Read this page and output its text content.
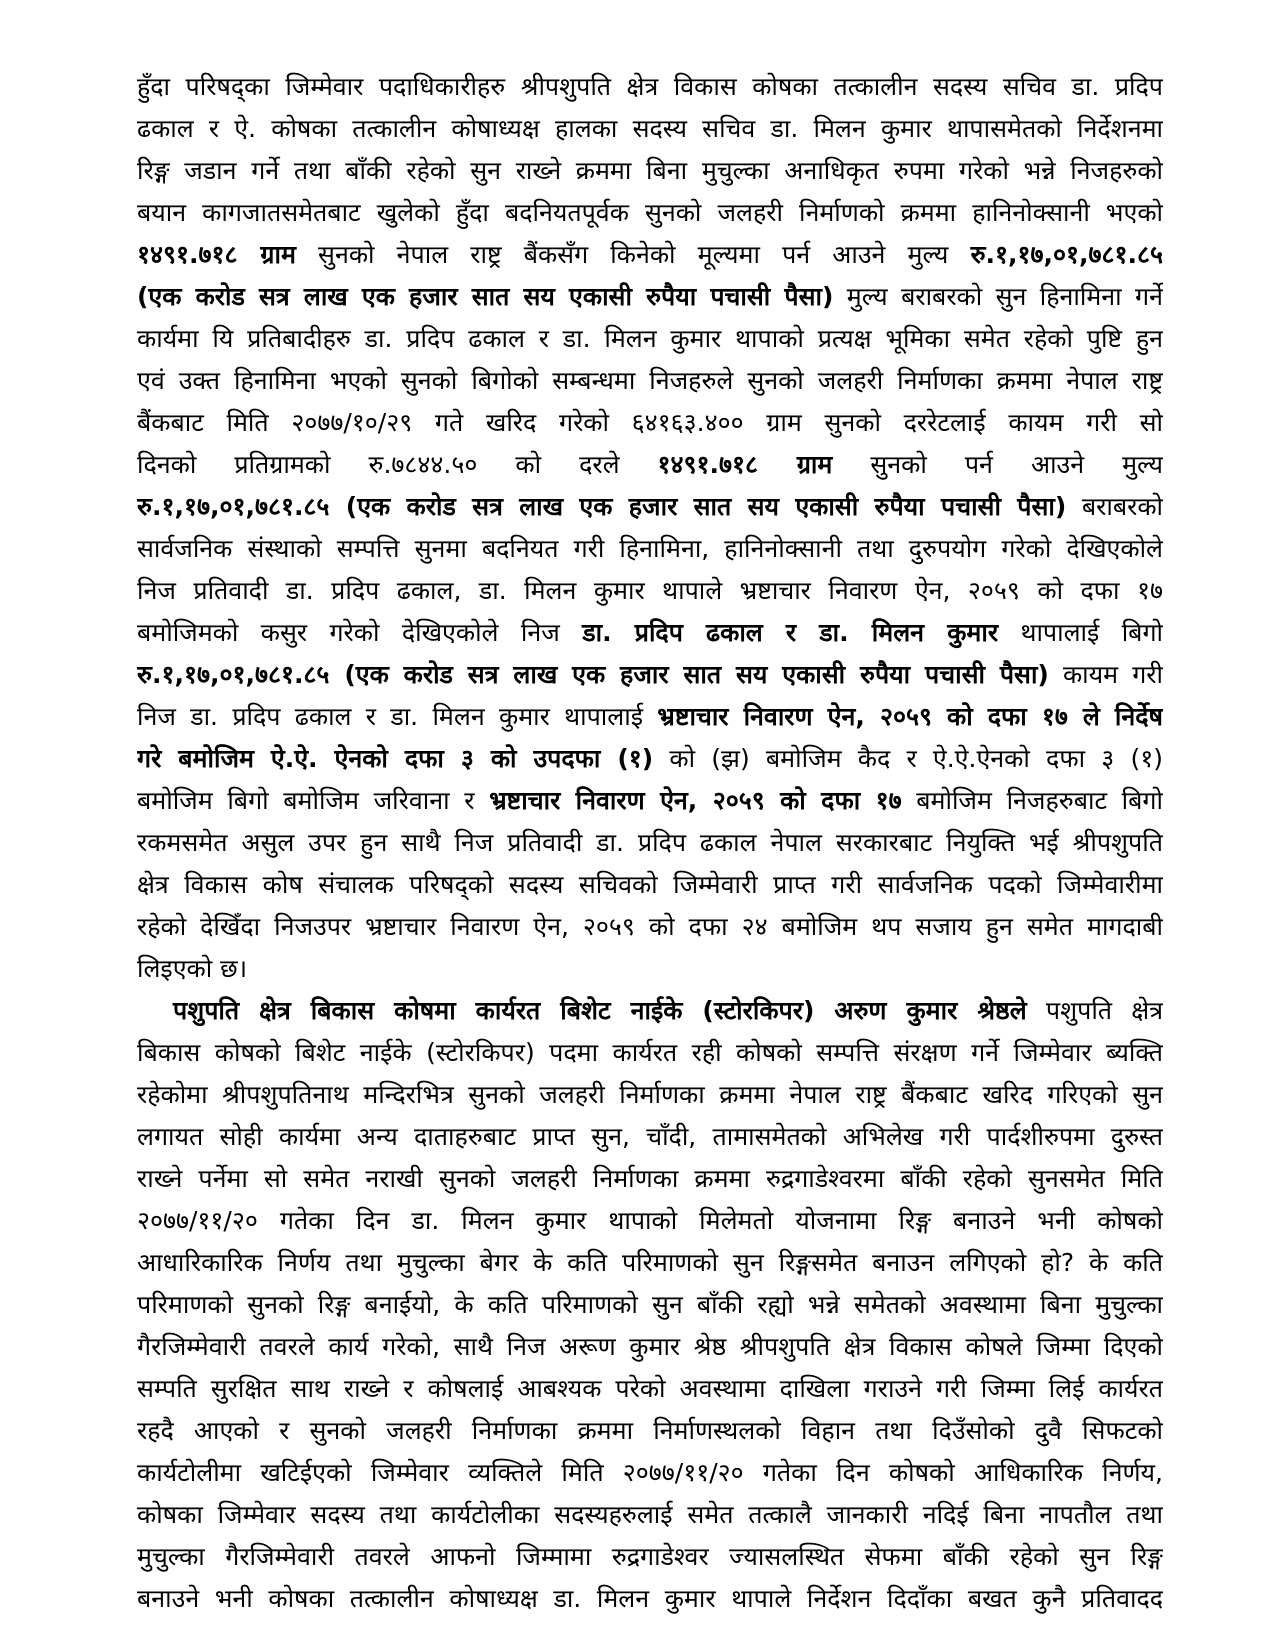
हुँदा परिषद्का जिम्मेवार पदाधिकारीहरु श्रीपशुपति क्षेत्र विकास कोषका तत्कालीन सदस्य सचिव डा. प्रदिप
ढकाल र ऐ. कोषका तत्कालीन कोषाध्यक्ष हालका सदस्य सचिव डा. मिलन कुमार थापासमेतको निर्देशनमा
रिङ्ग जडान गर्ने तथा बाँकी रहेको सुन राख्ने क्रममा बिना मुचुल्का अनाधिकृत रुपमा गरेको भन्ने निजहरुको
बयान कागजातसमेतबाट खुलेको हुँदा बदनियतपूर्वक सुनको जलहरी निर्माणको क्रममा हानिनोक्सानी भएको
१४९१.७१८ ग्राम सुनको नेपाल राष्ट्र बैंकसँग किनेको मूल्यमा पर्न आउने मुल्य रु.१,१७,०१,७८१.८५
(एक करोड सत्र लाख एक हजार सात सय एकासी रुपैया पचासी पैसा) मुल्य बराबरको सुन हिनामिना गर्ने
कार्यमा यि प्रतिबादीहरु डा. प्रदिप ढकाल र डा. मिलन कुमार थापाको प्रत्यक्ष भूमिका समेत रहेको पुष्टि हुन
एवं उक्त हिनामिना भएको सुनको बिगोको सम्बन्धमा निजहरुले सुनको जलहरी निर्माणका क्रममा नेपाल राष्ट्र
बैंकबाट मिति २०७७/१०/२९ गते खरिद गरेको ६४१६३.४०० ग्राम सुनको दररेटलाई कायम गरी सो
दिनको प्रतिग्रामको रु.७८४४.५० को दरले १४९१.७१८ ग्राम सुनको पर्न आउने मुल्य
रु.१,१७,०१,७८१.८५ (एक करोड सत्र लाख एक हजार सात सय एकासी रुपैया पचासी पैसा) बराबरको
सार्वजनिक संस्थाको सम्पत्ति सुनमा बदनियत गरी हिनामिना, हानिनोक्सानी तथा दुरुपयोग गरेको देखिएकोले
निज प्रतिवादी डा. प्रदिप ढकाल, डा. मिलन कुमार थापाले भ्रष्टाचार निवारण ऐन, २०५९ को दफा १७
बमोजिमको कसुर गरेको देखिएकोले निज डा. प्रदिप ढकाल र डा. मिलन कुमार थापालाई बिगो
रु.१,१७,०१,७८१.८५ (एक करोड सत्र लाख एक हजार सात सय एकासी रुपैया पचासी पैसा) कायम गरी
निज डा. प्रदिप ढकाल र डा. मिलन कुमार थापालाई भ्रष्टाचार निवारण ऐन, २०५९ को दफा १७ ले निर्देष
गरे बमोजिम ऐ.ऐ. ऐनको दफा ३ को उपदफा (१) को (झ) बमोजिम कैद र ऐ.ऐ.ऐनको दफा ३ (१)
बमोजिम बिगो बमोजिम जरिवाना र भ्रष्टाचार निवारण ऐन, २०५९ को दफा १७ बमोजिम निजहरुबाट बिगो
रकमसमेत असुल उपर हुन साथै निज प्रतिवादी डा. प्रदिप ढकाल नेपाल सरकारबाट नियुक्ति भई श्रीपशुपति
क्षेत्र विकास कोष संचालक परिषद्को सदस्य सचिवको जिम्मेवारी प्राप्त गरी सार्वजनिक पदको जिम्मेवारीमा
रहेको देखिँदा निजउपर भ्रष्टाचार निवारण ऐन, २०५९ को दफा २४ बमोजिम थप सजाय हुन समेत मागदाबी
लिइएको छ।
पशुपति क्षेत्र बिकास कोषमा कार्यरत बिशेट नाईके (स्टोरकिपर) अरुण कुमार श्रेष्ठले पशुपति क्षेत्र
बिकास कोषको बिशेट नाईके (स्टोरकिपर) पदमा कार्यरत रही कोषको सम्पत्ति संरक्षण गर्ने जिम्मेवार ब्यक्ति
रहेकोमा श्रीपशुपतिनाथ मन्दिरभित्र सुनको जलहरी निर्माणका क्रममा नेपाल राष्ट्र बैंकबाट खरिद गरिएको सुन
लगायत सोही कार्यमा अन्य दाताहरुबाट प्राप्त सुन, चाँदी, तामासमेतको अभिलेख गरी पार्दशीरुपमा दुरुस्त
राख्ने पर्नेमा सो समेत नराखी सुनको जलहरी निर्माणका क्रममा रुद्रगाडेश्वरमा बाँकी रहेको सुनसमेत मिति
२०७७/११/२० गतेका दिन डा. मिलन कुमार थापाको मिलेमतो योजनामा रिङ्ग बनाउने भनी कोषको
आधारिकारिक निर्णय तथा मुचुल्का बेगर के कति परिमाणको सुन रिङ्गसमेत बनाउन लगिएको हो? के कति
परिमाणको सुनको रिङ्ग बनाईयो, के कति परिमाणको सुन बाँकी रह्यो भन्ने समेतको अवस्थामा बिना मुचुल्का
गैरजिम्मेवारी तवरले कार्य गरेको, साथै निज अरूण कुमार श्रेष्ठ श्रीपशुपति क्षेत्र विकास कोषले जिम्मा दिएको
सम्पति सुरक्षित साथ राख्ने र कोषलाई आबश्यक परेको अवस्थामा दाखिला गराउने गरी जिम्मा लिई कार्यरत
रहदै आएको र सुनको जलहरी निर्माणका क्रममा निर्माणस्थलको विहान तथा दिउँसोको दुवै सिफटको
कार्यटोलीमा खटिईएको जिम्मेवार व्यक्तिले मिति २०७७/११/२० गतेका दिन कोषको आधिकारिक निर्णय,
कोषका जिम्मेवार सदस्य तथा कार्यटोलीका सदस्यहरुलाई समेत तत्कालै जानकारी नदिई बिना नापतौल तथा
मुचुल्का गैरजिम्मेवारी तवरले आफनो जिम्मामा रुद्रगाडेश्वर ज्यासलस्थित सेफमा बाँकी रहेको सुन रिङ्ग
बनाउने भनी कोषका तत्कालीन कोषाध्यक्ष डा. मिलन कुमार थापाले निर्देशन दिदाँका बखत कुनै प्रतिवादद
